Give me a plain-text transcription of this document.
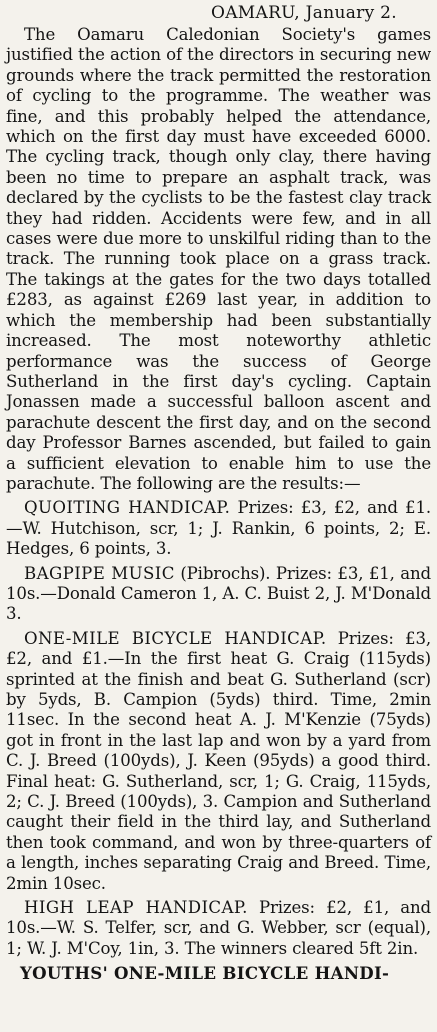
OAMARU, January 2.

The Oamaru Caledonian Society's games justified the action of the directors in securing new grounds where the track permitted the restoration of cycling to the programme. The weather was fine, and this probably helped the attendance, which on the first day must have exceeded 6000. The cycling track, though only clay, there having been no time to prepare an asphalt track, was declared by the cyclists to be the fastest clay track they had ridden. Accidents were few, and in all cases were due more to unskilful riding than to the track. The running took place on a grass track. The takings at the gates for the two days totalled £283, as against £269 last year, in addition to which the membership had been substantially increased. The most noteworthy athletic performance was the success of George Sutherland in the first day's cycling. Captain Jonassen made a successful balloon ascent and parachute descent the first day, and on the second day Professor Barnes ascended, but failed to gain a sufficient elevation to enable him to use the parachute. The following are the results:—

QUOITING HANDICAP. Prizes: £3, £2, and £1.—W. Hutchison, scr, 1; J. Rankin, 6 points, 2; E. Hedges, 6 points, 3.

BAGPIPE MUSIC (Pibrochs). Prizes: £3, £1, and 10s.—Donald Cameron 1, A. C. Buist 2, J. M'Donald 3.

ONE-MILE BICYCLE HANDICAP. Prizes: £3, £2, and £1.—In the first heat G. Craig (115yds) sprinted at the finish and beat G. Sutherland (scr) by 5yds, B. Campion (5yds) third. Time, 2min 11sec. In the second heat A. J. M'Kenzie (75yds) got in front in the last lap and won by a yard from C. J. Breed (100yds), J. Keen (95yds) a good third. Final heat: G. Sutherland, scr, 1; G. Craig, 115yds, 2; C. J. Breed (100yds), 3. Campion and Sutherland caught their field in the third lay, and Sutherland then took command, and won by three-quarters of a length, inches separating Craig and Breed. Time, 2min 10sec.

HIGH LEAP HANDICAP. Prizes: £2, £1, and 10s.—W. S. Telfer, scr, and G. Webber, scr (equal), 1; W. J. M'Coy, 1in, 3. The winners cleared 5ft 2in.

YOUTHS' ONE-MILE BICYCLE HANDI-
